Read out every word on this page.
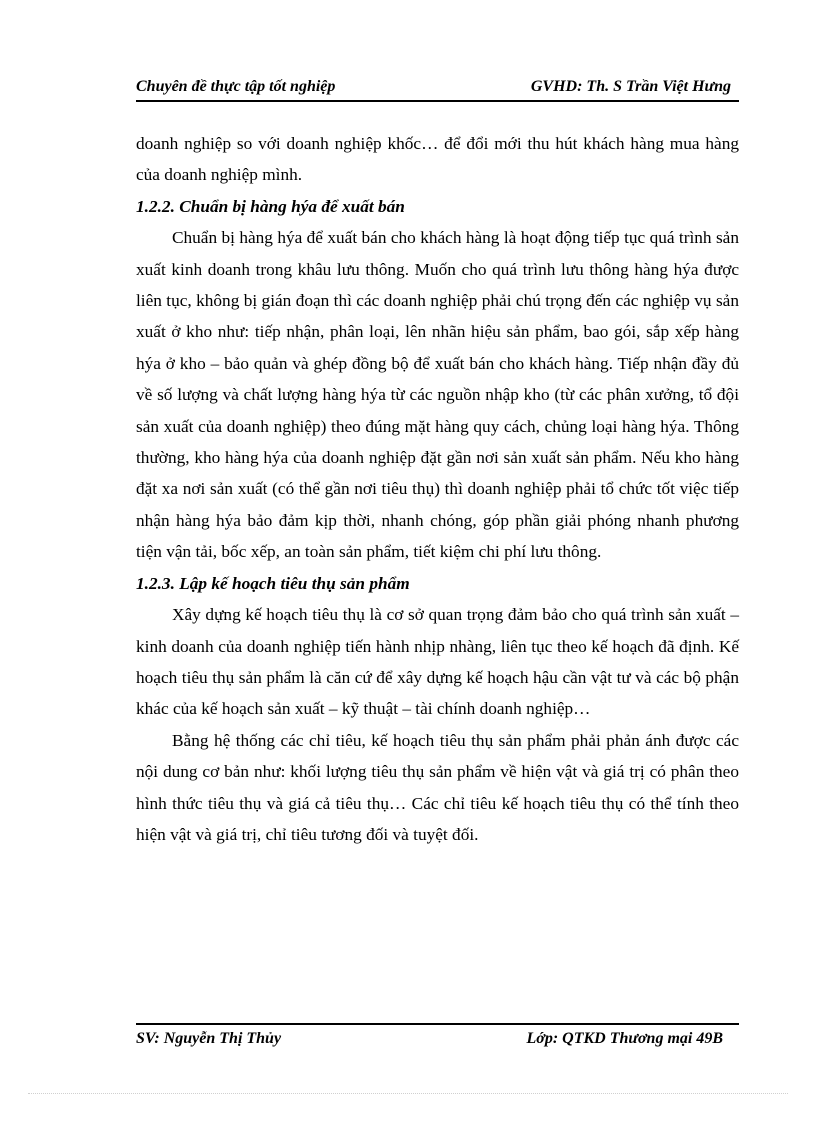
Chuyên đề thực tập tốt nghiệp	GVHD: Th. S Trần Việt Hưng

doanh nghiệp so với doanh nghiệp khốc… để đổi mới thu hút khách hàng mua hàng của doanh nghiệp mình.

1.2.2. Chuẩn bị hàng hýa để xuất bán

Chuẩn bị hàng hýa để xuất bán cho khách hàng là hoạt động tiếp tục quá trình sản xuất kinh doanh trong khâu lưu thông. Muốn cho quá trình lưu thông hàng hýa được liên tục, không bị gián đoạn thì các doanh nghiệp phải chú trọng đến các nghiệp vụ sản xuất ở kho như: tiếp nhận, phân loại, lên nhãn hiệu sản phẩm, bao gói, sắp xếp hàng hýa ở kho – bảo quản và ghép đồng bộ để xuất bán cho khách hàng. Tiếp nhận đầy đủ về số lượng và chất lượng hàng hýa từ các nguồn nhập kho (từ các phân xưởng, tổ đội sản xuất của doanh nghiệp) theo đúng mặt hàng quy cách, chủng loại hàng hýa. Thông thường, kho hàng hýa của doanh nghiệp đặt gần nơi sản xuất sản phẩm. Nếu kho hàng đặt xa nơi sản xuất (có thể gần nơi tiêu thụ) thì doanh nghiệp phải tổ chức tốt việc tiếp nhận hàng hýa bảo đảm kịp thời, nhanh chóng, góp phần giải phóng nhanh phương tiện vận tải, bốc xếp, an toàn sản phẩm, tiết kiệm chi phí lưu thông.

1.2.3. Lập kế hoạch tiêu thụ sản phẩm

Xây dựng kế hoạch tiêu thụ là cơ sở quan trọng đảm bảo cho quá trình sản xuất – kinh doanh của doanh nghiệp tiến hành nhịp nhàng, liên tục theo kế hoạch đã định. Kế hoạch tiêu thụ sản phẩm là căn cứ để xây dựng kế hoạch hậu cần vật tư và các bộ phận khác của kế hoạch sản xuất – kỹ thuật – tài chính doanh nghiệp…

Bằng hệ thống các chỉ tiêu, kế hoạch tiêu thụ sản phẩm phải phản ánh được các nội dung cơ bản như: khối lượng tiêu thụ sản phẩm về hiện vật và giá trị có phân theo hình thức tiêu thụ và giá cả tiêu thụ… Các chỉ tiêu kế hoạch tiêu thụ có thể tính theo hiện vật và giá trị, chỉ tiêu tương đối và tuyệt đối.

SV: Nguyễn Thị Thủy	Lớp: QTKD Thương mại 49B
